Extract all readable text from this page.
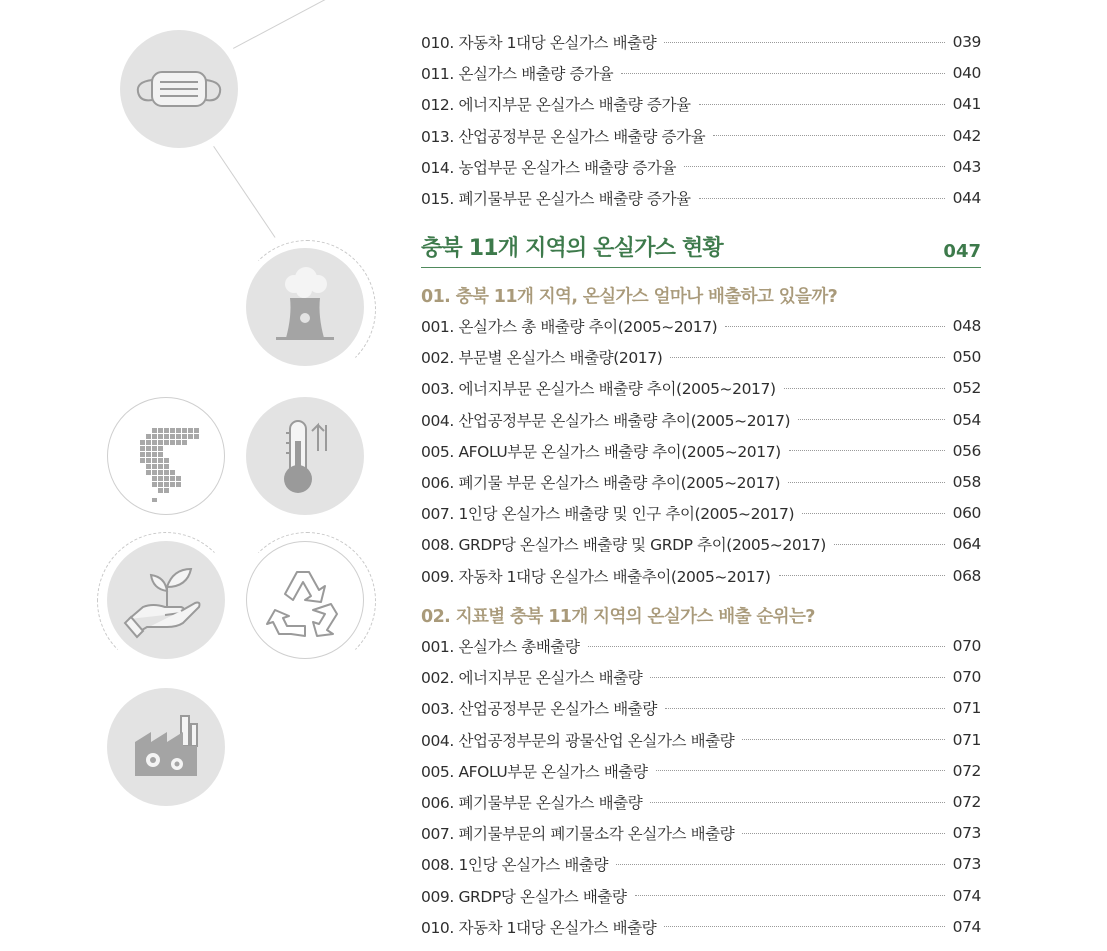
010. 자동차 1대당 온실가스 배출량	039
011. 온실가스 배출량 증가율	040
012. 에너지부문 온실가스 배출량 증가율	041
013. 산업공정부문 온실가스 배출량 증가율	042
014. 농업부문 온실가스 배출량 증가율	043
015. 폐기물부문 온실가스 배출량 증가율	044
충북 11개 지역의 온실가스 현황	047
01. 충북 11개 지역, 온실가스 얼마나 배출하고 있을까?
001. 온실가스 총 배출량 추이(2005~2017)	048
002. 부문별 온실가스 배출량(2017)	050
003. 에너지부문 온실가스 배출량 추이(2005~2017)	052
004. 산업공정부문 온실가스 배출량 추이(2005~2017)	054
005. AFOLU부문 온실가스 배출량 추이(2005~2017)	056
006. 폐기물 부문 온실가스 배출량 추이(2005~2017)	058
007. 1인당 온실가스 배출량 및 인구 추이(2005~2017)	060
008. GRDP당 온실가스 배출량 및 GRDP 추이(2005~2017)	064
009. 자동차 1대당 온실가스 배출추이(2005~2017)	068
02. 지표별 충북 11개 지역의 온실가스 배출 순위는?
001. 온실가스 총배출량	070
002. 에너지부문 온실가스 배출량	070
003. 산업공정부문 온실가스 배출량	071
004. 산업공정부문의 광물산업 온실가스 배출량	071
005. AFOLU부문 온실가스 배출량	072
006. 폐기물부문 온실가스 배출량	072
007. 폐기물부문의 폐기물소각 온실가스 배출량	073
008. 1인당 온실가스 배출량	073
009. GRDP당 온실가스 배출량	074
010. 자동차 1대당 온실가스 배출량	074
